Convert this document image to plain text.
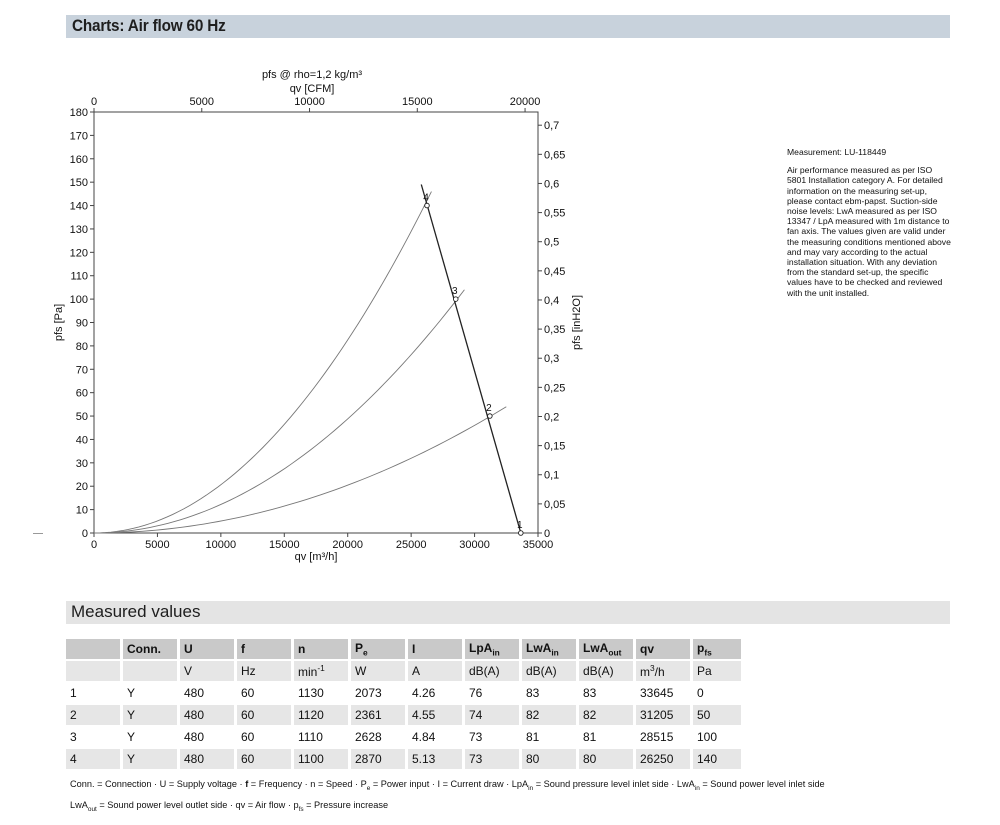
Charts: Air flow 60 Hz
0	5000	10000	15000	20000	25000	30000	35000
qv [m³/h]
0
10
20
30
40
50
60
70
80
90
100
110
120
130
140
150
160
170
180
pfs [Pa]
0	5000	10000	15000	20000
qv [CFM]
pfs @ rho=1,2 kg/m³
0
0,05
0,1
0,15
0,2
0,25
0,3
0,35
0,4
0,45
0,5
0,55
0,6
0,65
0,7
pfs [inH2O]
1
2
3
4

Measurement: LU-118449

Air performance measured as per ISO 5801 Installation category A. For detailed information on the measuring set-up, please contact ebm-papst. Suction-side noise levels: LwA measured as per ISO 13347 / LpA measured with 1m distance to fan axis. The values given are valid under the measuring conditions mentioned above and may vary according to the actual installation situation. With any deviation from the standard set-up, the specific values have to be checked and reviewed with the unit installed.

Measured values
		Conn.		U		f		n		$P_e$		I		LpA$_{in}$		LwA$_{in}$		LwA$_{out}$		qv		$p_{fs}$
				V		Hz		$\min^{-1}$		W		A		dB(A)		dB(A)		dB(A)		$m^3/h$		Pa
1		Y		480		60		1130		2073		4.26		76		83		83		33645		0
2		Y		480		60		1120		2361		4.55		74		82		82		31205		50
3		Y		480		60		1110		2628		4.84		73		81		81		28515		100
4		Y		480		60		1100		2870		5.13		73		80		80		26250		140
Conn. = Connection · U = Supply voltage · f = Frequency · n = Speed · $P_e$ = Power input · I = Current draw · LpA$_{in}$ = Sound pressure level inlet side · LwA$_{in}$ = Sound power level inlet side
LwA$_{out}$ = Sound power level outlet side · qv = Air flow · $p_{fs}$ = Pressure increase
